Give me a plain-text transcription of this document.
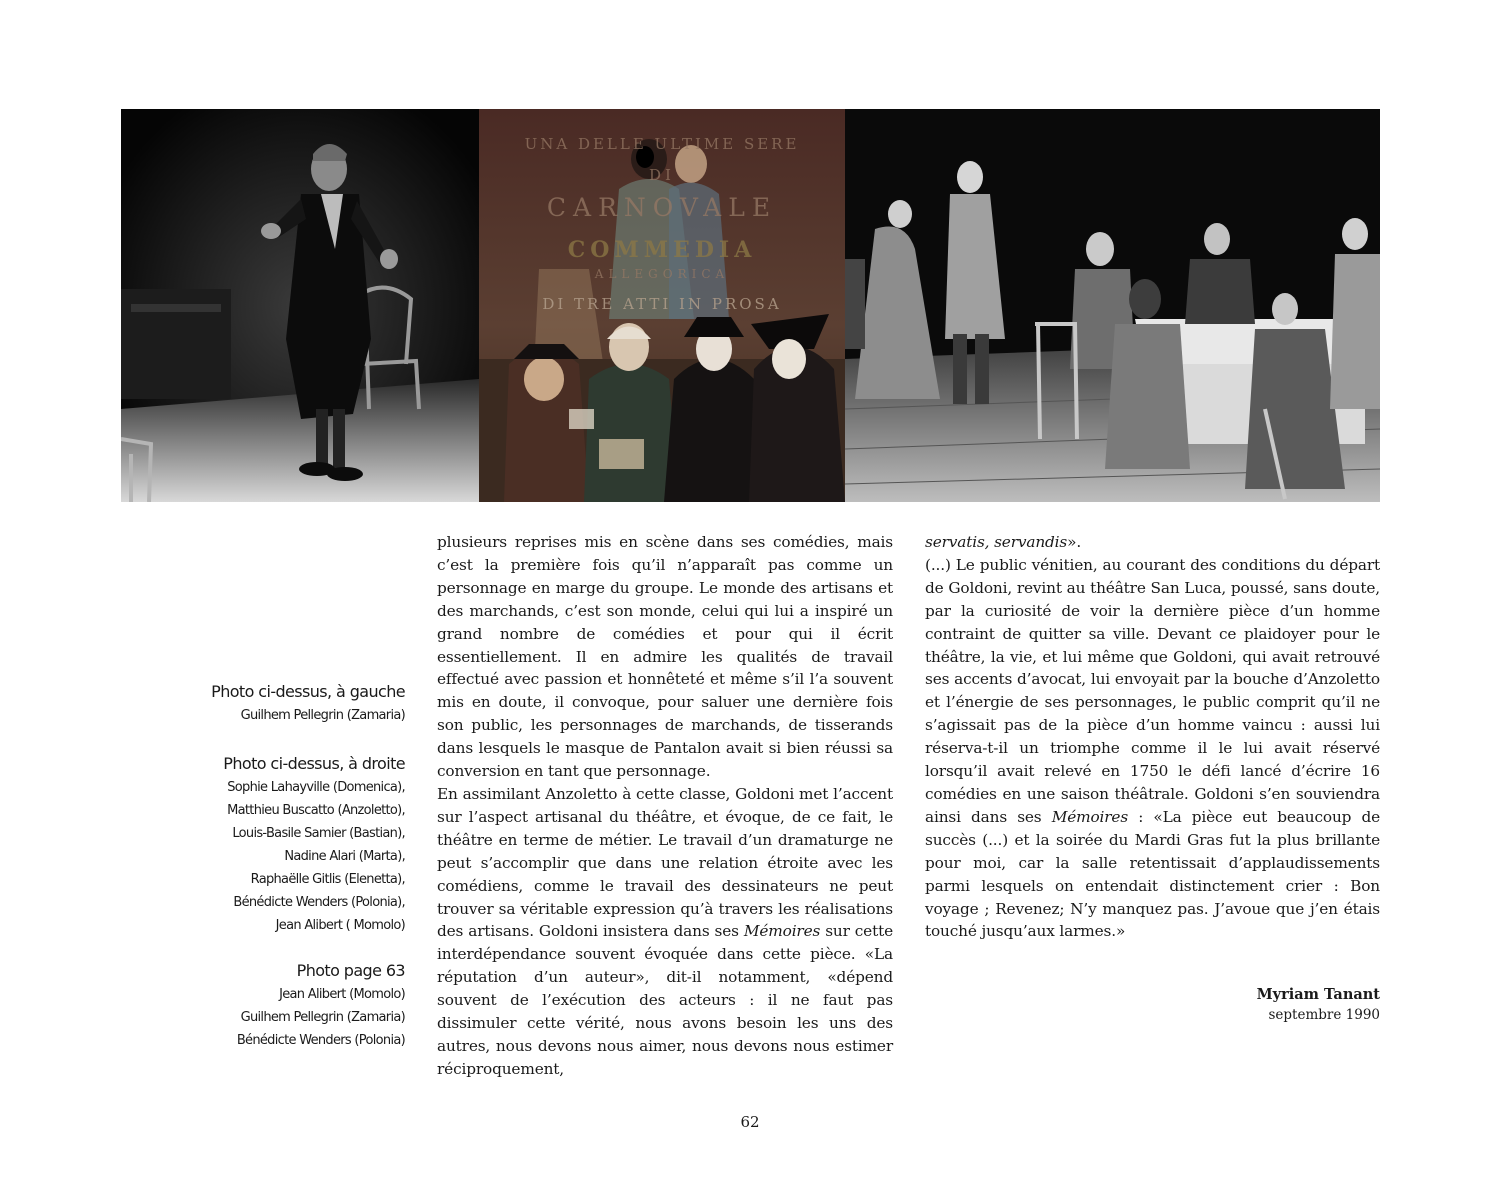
UNA DELLE ULTIME SERE
DI
CARNOVALE
COMMEDIA
ALLEGORICA
DI TRE ATTI IN PROSA
Photo ci-dessus, à gauche
Guilhem Pellegrin (Zamaria)
Photo ci-dessus, à droite
Sophie Lahayville (Domenica),
Matthieu Buscatto (Anzoletto),
Louis-Basile Samier (Bastian),
Nadine Alari (Marta),
Raphaëlle Gitlis (Elenetta),
Bénédicte Wenders (Polonia),
Jean Alibert ( Momolo)
Photo page 63
Jean Alibert (Momolo)
Guilhem Pellegrin (Zamaria)
Bénédicte Wenders (Polonia)

plusieurs reprises mis en scène dans ses comédies, mais c’est la première fois qu’il n’apparaît pas comme un personnage en marge du groupe. Le monde des artisans et des marchands, c’est son monde, celui qui lui a inspiré un grand nombre de comédies et pour qui il écrit essentiellement. Il en admire les qualités de travail effectué avec passion et honnêteté et même s’il l’a souvent mis en doute, il convoque, pour saluer une dernière fois son public, les personnages de marchands, de tisserands dans lesquels le masque de Pantalon avait si bien réussi sa conversion en tant que personnage.

En assimilant Anzoletto à cette classe, Goldoni met l’accent sur l’aspect artisanal du théâtre, et évoque, de ce fait, le théâtre en terme de métier. Le travail d’un dramaturge ne peut s’accomplir que dans une relation étroite avec les comédiens, comme le travail des dessinateurs ne peut trouver sa véritable expression qu’à travers les réalisations des artisans. Goldoni insistera dans ses Mémoires sur cette interdépendance souvent évoquée dans cette pièce. «La réputation d’un auteur», dit-il notamment, «dépend souvent de l’exécution des acteurs : il ne faut pas dissimuler cette vérité, nous avons besoin les uns des autres, nous devons nous aimer, nous devons nous estimer réciproquement,

servatis, servandis».

(...) Le public vénitien, au courant des conditions du départ de Goldoni, revint au théâtre San Luca, poussé, sans doute, par la curiosité de voir la dernière pièce d’un homme contraint de quitter sa ville. Devant ce plaidoyer pour le théâtre, la vie, et lui même que Goldoni, qui avait retrouvé ses accents d’avocat, lui envoyait par la bouche d’Anzoletto et l’énergie de ses personnages, le public comprit qu’il ne s’agissait pas de la pièce d’un homme vaincu : aussi lui réserva-t-il un triomphe comme il le lui avait réservé lorsqu’il avait relevé en 1750 le défi lancé d’écrire 16 comédies en une saison théâtrale. Goldoni s’en souviendra ainsi dans ses Mémoires : «La pièce eut beaucoup de succès (...) et la soirée du Mardi Gras fut la plus brillante pour moi, car la salle retentissait d’applaudissements parmi lesquels on entendait distinctement crier : Bon voyage ; Revenez; N’y manquez pas. J’avoue que j’en étais touché jusqu’aux larmes.»

Myriam Tanant
septembre 1990
62
